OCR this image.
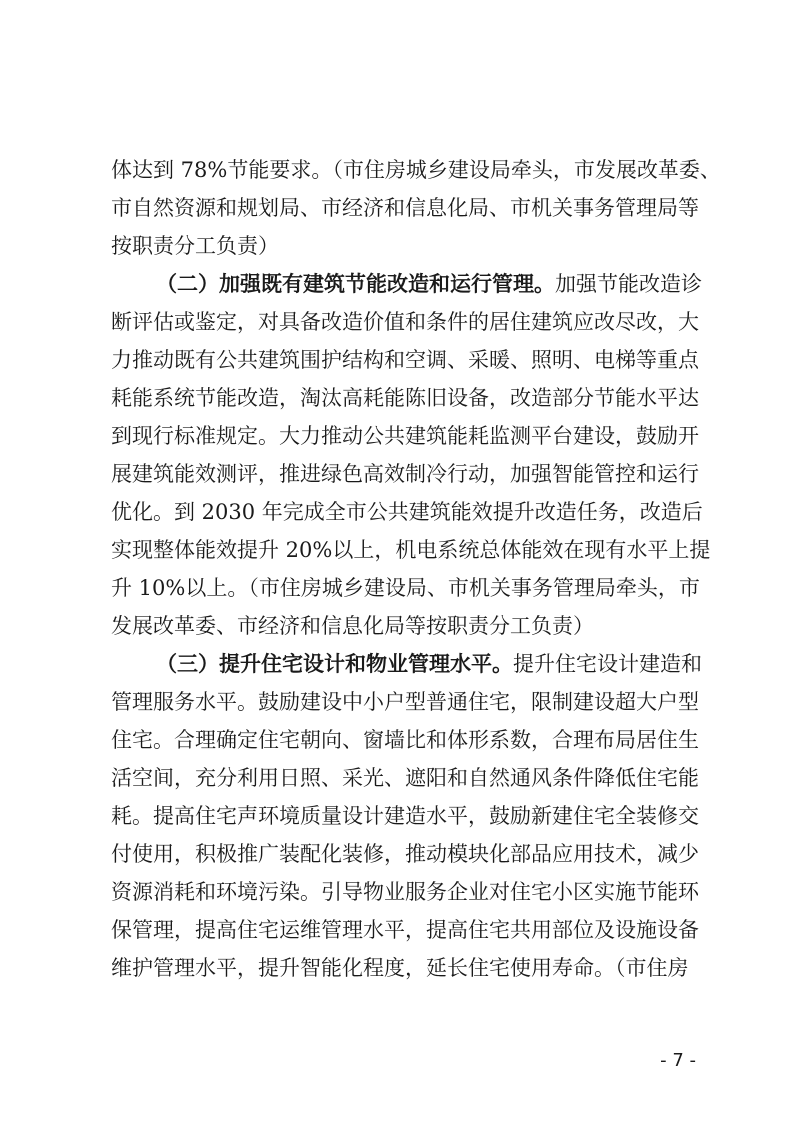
体达到 78%节能要求。（市住房城乡建设局牵头，市发展改革委、
市自然资源和规划局、市经济和信息化局、市机关事务管理局等
按职责分工负责）
（二）加强既有建筑节能改造和运行管理。加强节能改造诊
断评估或鉴定，对具备改造价值和条件的居住建筑应改尽改，大
力推动既有公共建筑围护结构和空调、采暖、照明、电梯等重点
耗能系统节能改造，淘汰高耗能陈旧设备，改造部分节能水平达
到现行标准规定。大力推动公共建筑能耗监测平台建设，鼓励开
展建筑能效测评，推进绿色高效制冷行动，加强智能管控和运行
优化。到 2030 年完成全市公共建筑能效提升改造任务，改造后
实现整体能效提升 20%以上，机电系统总体能效在现有水平上提
升 10%以上。（市住房城乡建设局、市机关事务管理局牵头，市
发展改革委、市经济和信息化局等按职责分工负责）
（三）提升住宅设计和物业管理水平。提升住宅设计建造和
管理服务水平。鼓励建设中小户型普通住宅，限制建设超大户型
住宅。合理确定住宅朝向、窗墙比和体形系数，合理布局居住生
活空间，充分利用日照、采光、遮阳和自然通风条件降低住宅能
耗。提高住宅声环境质量设计建造水平，鼓励新建住宅全装修交
付使用，积极推广装配化装修，推动模块化部品应用技术，减少
资源消耗和环境污染。引导物业服务企业对住宅小区实施节能环
保管理，提高住宅运维管理水平，提高住宅共用部位及设施设备
维护管理水平，提升智能化程度，延长住宅使用寿命。（市住房
- 7 -
